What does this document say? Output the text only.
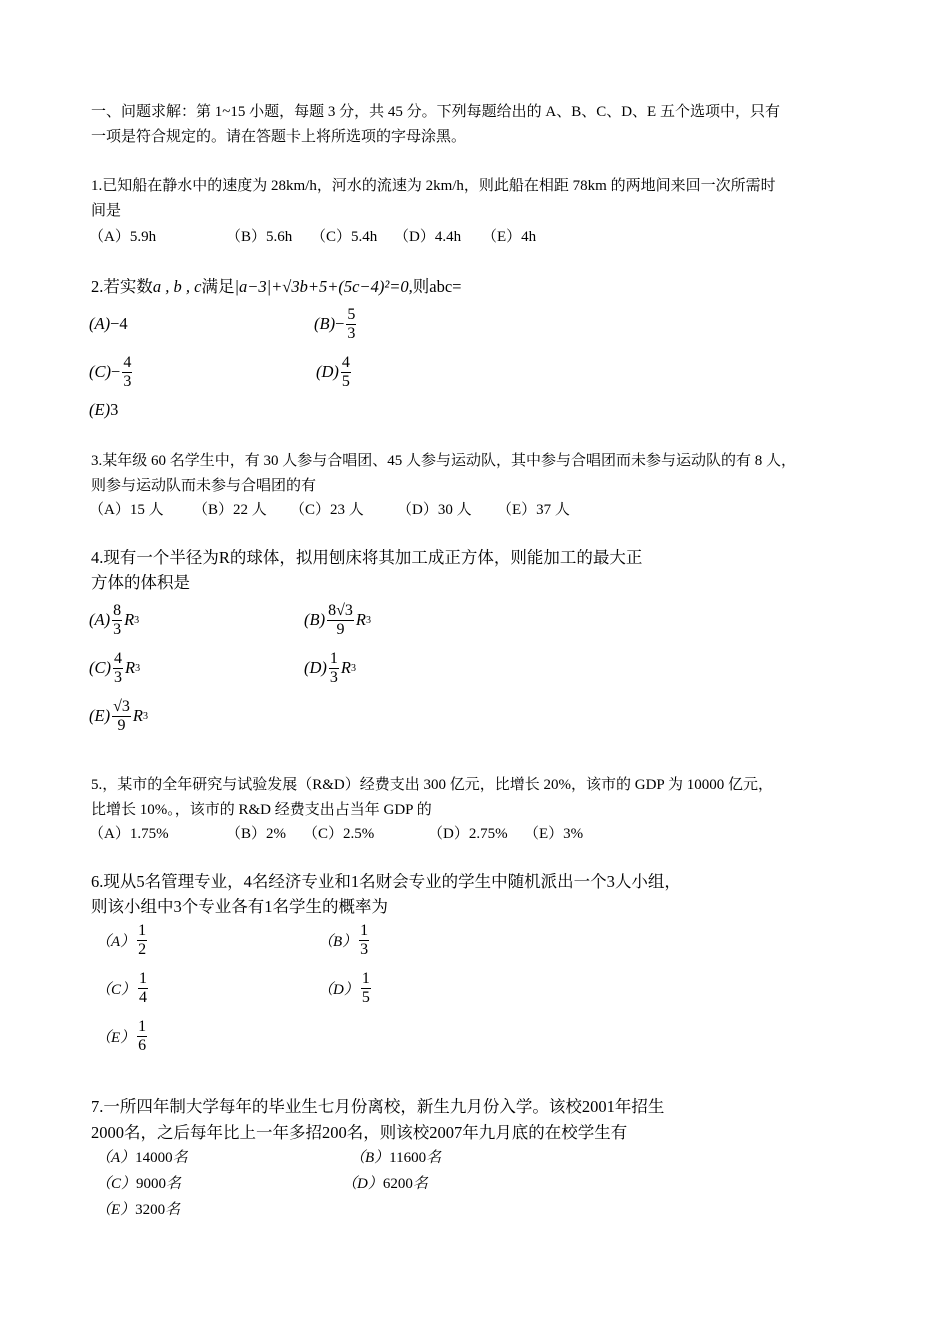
一、问题求解：第 1~15 小题，每题 3 分，共 45 分。下列每题给出的 A、B、C、D、E 五个选项中，只有
一项是符合规定的。请在答题卡上将所选项的字母涂黑。
1.已知船在静水中的速度为 28km/h，河水的流速为 2km/h，则此船在相距 78km 的两地间来回一次所需时
间是
（A）5.9h	（B）5.6h （C）5.4h （D）4.4h （E）4h
2.若实数a , b , c满足|a−3|+√3b+5+(5c−4)²=0,则abc=
(A) −4	$(B) - \frac{5}{3}$
$(C) - \frac{4}{3}$	$(D) \frac{4}{5}$
(E) 3
3.某年级 60 名学生中，有 30 人参与合唱团、45 人参与运动队，其中参与合唱团而未参与运动队的有 8 人，
则参与运动队而未参与合唱团的有
（A）15 人 （B）22 人 （C）23 人 （D）30 人 （E）37 人
4.现有一个半径为R的球体，拟用刨床将其加工成正方体，则能加工的最大正
方体的体积是
$(A) \frac{8}{3}$ R 3	$(B) \frac{8√3}{9}$ R 3
$(C) \frac{4}{3}$ R 3	$(D) \frac{1}{3}$ R 3
$(E) \frac{√3}{9}$ R 3
5.，某市的全年研究与试验发展（R&D）经费支出 300 亿元，比增长 20%，该市的 GDP 为 10000 亿元，
比增长 10%。，该市的 R&D 经费支出占当年 GDP 的
（A）1.75%	（B）2% （C）2.5%	（D）2.75% （E）3%
6.现从5名管理专业，4名经济专业和1名财会专业的学生中随机派出一个3人小组，
则该小组中3个专业各有1名学生的概率为
$(A) \frac{1}{2}$	$(B) \frac{1}{3}$
$(C) \frac{1}{4}$	$(D) \frac{1}{5}$
$(E) \frac{1}{6}$
7.一所四年制大学每年的毕业生七月份离校，新生九月份入学。该校2001年招生
2000名，之后每年比上一年多招200名，则该校2007年九月底的在校学生有
（A）14000名	（B）11600名
（C）9000名	（D）6200名
（E）3200名
